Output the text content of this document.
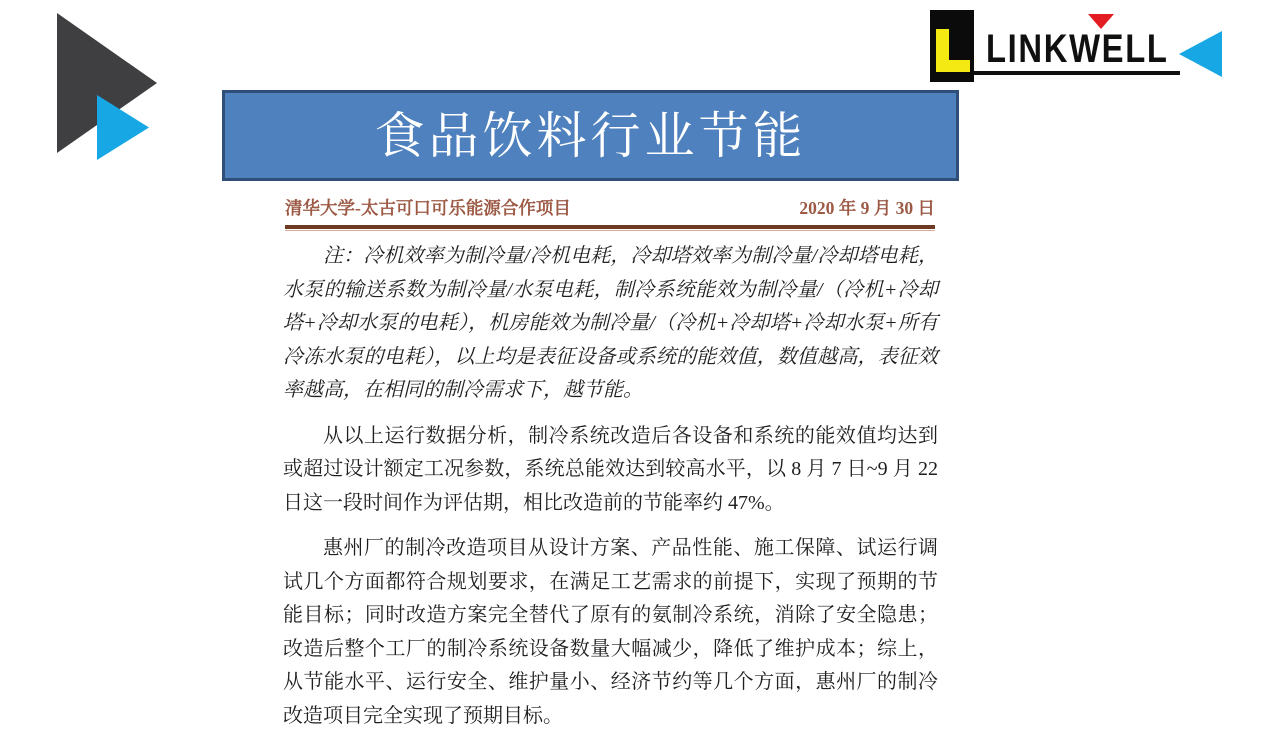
LINKWELL
食品饮料行业节能
清华大学-太古可口可乐能源合作项目	2020 年 9 月 30 日

注：冷机效率为制冷量/冷机电耗，冷却塔效率为制冷量/冷却塔电耗，水泵的输送系数为制冷量/水泵电耗，制冷系统能效为制冷量/（冷机+冷却塔+冷却水泵的电耗），机房能效为制冷量/（冷机+冷却塔+冷却水泵+所有冷冻水泵的电耗），以上均是表征设备或系统的能效值，数值越高，表征效率越高，在相同的制冷需求下，越节能。

从以上运行数据分析，制冷系统改造后各设备和系统的能效值均达到或超过设计额定工况参数，系统总能效达到较高水平，以 8 月 7 日~9 月 22 日这一段时间作为评估期，相比改造前的节能率约 47%。

惠州厂的制冷改造项目从设计方案、产品性能、施工保障、试运行调试几个方面都符合规划要求，在满足工艺需求的前提下，实现了预期的节能目标；同时改造方案完全替代了原有的氨制冷系统，消除了安全隐患；改造后整个工厂的制冷系统设备数量大幅减少，降低了维护成本；综上，从节能水平、运行安全、维护量小、经济节约等几个方面，惠州厂的制冷改造项目完全实现了预期目标。
